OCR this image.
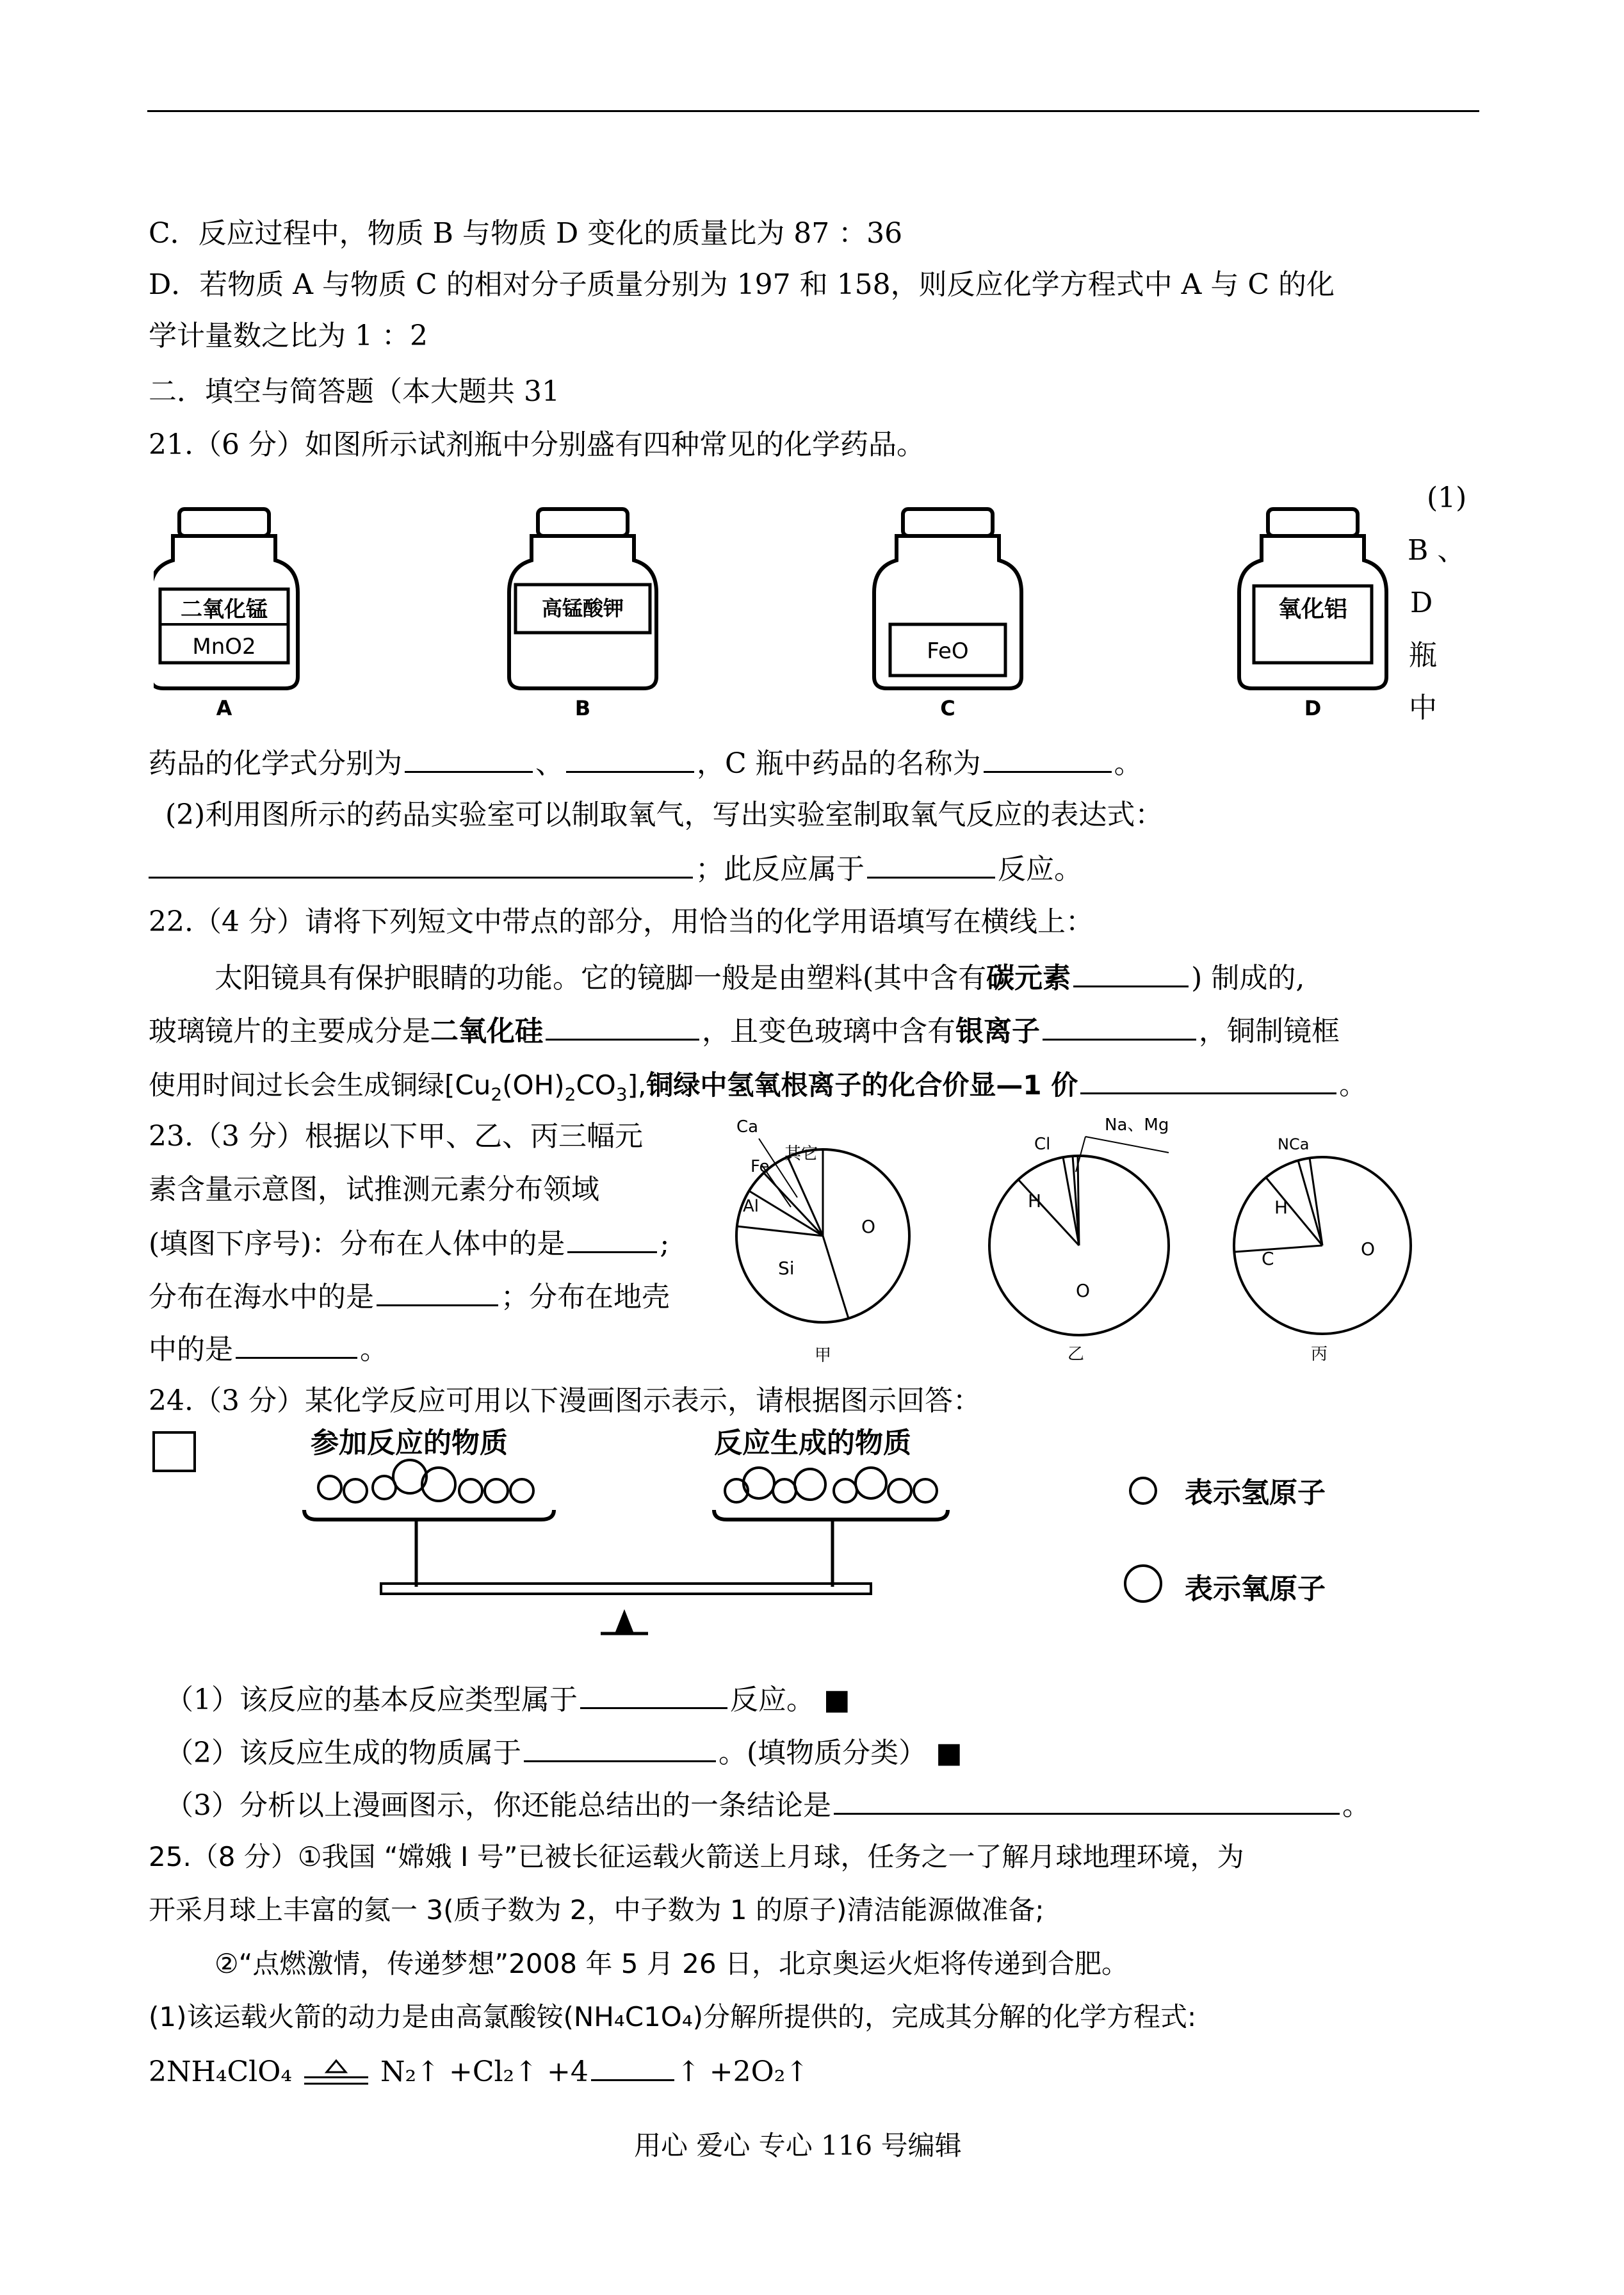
C．反应过程中，物质 B 与物质 D 变化的质量比为 87 ：36
D．若物质 A 与物质 C 的相对分子质量分别为 197 和 158，则反应化学方程式中 A 与 C 的化
学计量数之比为 1 ：2
二．填空与简答题（本大题共 31
21.（6 分）如图所示试剂瓶中分别盛有四种常见的化学药品。
(1)
B 、
D
瓶
中
二氧化锰
MnO2
A
高锰酸钾
B
FeO
C
氧化铝
D
药品的化学式分别为	、	，C 瓶中药品的名称为	。
(2)利用图所示的药品实验室可以制取氧气，写出实验室制取氧气反应的表达式：
；此反应属于	反应。
22.（4 分）请将下列短文中带点的部分，用恰当的化学用语填写在横线上：
太阳镜具有保护眼睛的功能。它的镜脚一般是由塑料(其中含有碳元素	) 制成的,
玻璃镜片的主要成分是二氧化硅	，且变色玻璃中含有银离子	，铜制镜框
使用时间过长会生成铜绿$[Cu_2(OH)_2CO_3]$,铜绿中氢氧根离子的化合价显—1 价	。
23.（3 分）根据以下甲、乙、丙三幅元
素含量示意图，试推测元素分布领域
(填图下序号)：分布在人体中的是	;
分布在海水中的是	；分布在地壳
中的是	。
Ca
Fe
其它
Al
Si
O
甲
Cl
Na、Mg
H
O
乙
NCa
H
C	O
丙
24.（3 分）某化学反应可用以下漫画图示表示，请根据图示回答：
参加反应的物质	反应生成的物质
表示氢原子
表示氧原子
（1）该反应的基本反应类型属于	反应。 ■
（2）该反应生成的物质属于	。(填物质分类） ■
（3）分析以上漫画图示，你还能总结出的一条结论是	。
25.（8 分）①我国 “嫦娥 Ⅰ 号”已被长征运载火箭送上月球，任务之一了解月球地理环境，为
开采月球上丰富的氦一 3(质子数为 2，中子数为 1 的原子)清洁能源做准备;
②“点燃激情，传递梦想”2008 年 5 月 26 日，北京奥运火炬将传递到合肥。
(1)该运载火箭的动力是由高氯酸铵(NH₄C1O₄)分解所提供的，完成其分解的化学方程式:
2NH₄ClO₄	N₂↑ +Cl₂↑ +4	↑ +2O₂↑
用心 爱心 专心 116 号编辑
